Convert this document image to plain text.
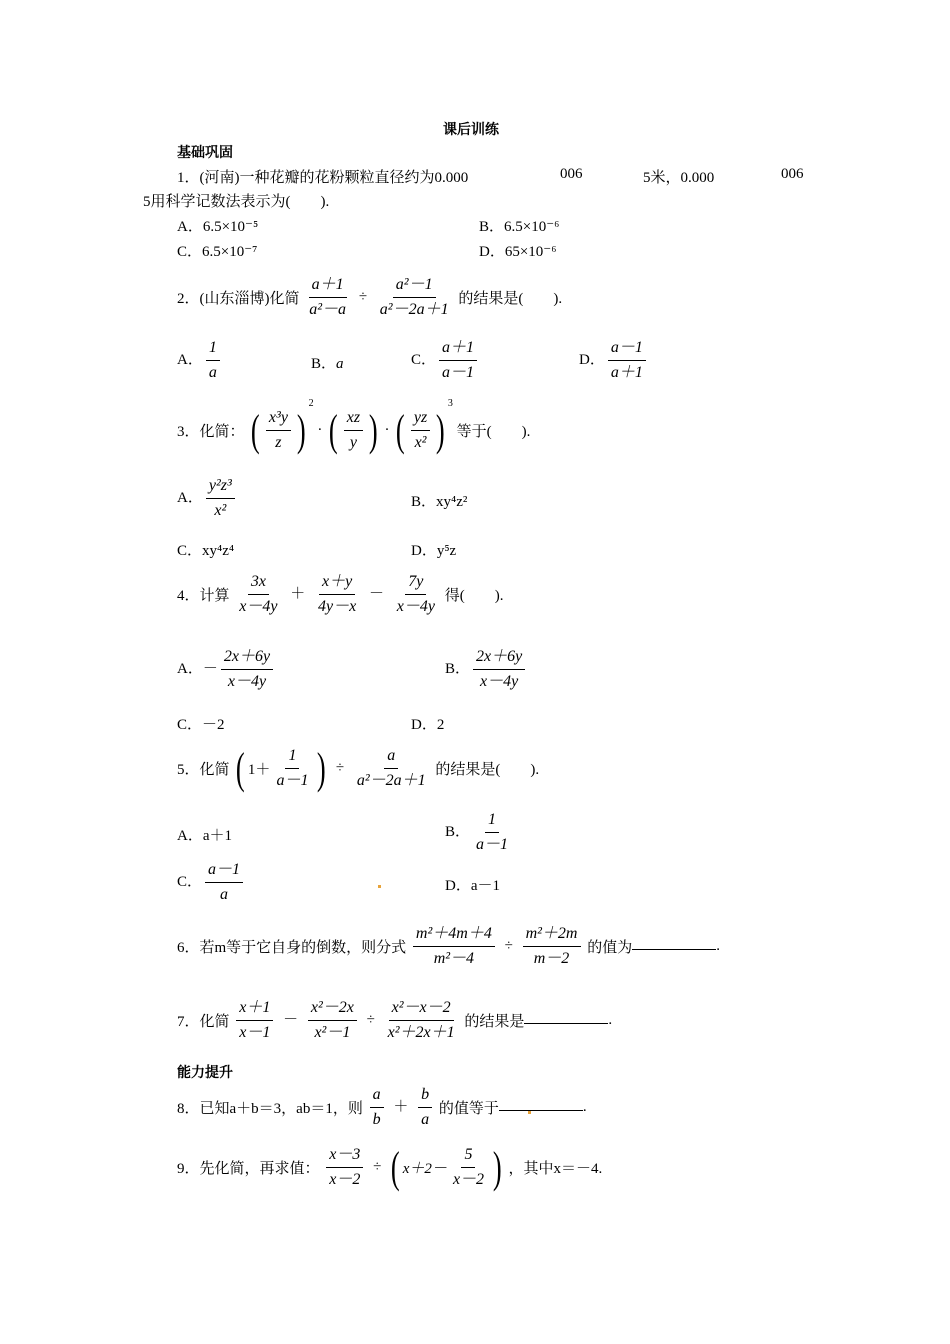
课后训练
基础巩固
1．(河南)一种花瓣的花粉颗粒直径约为0.000	006	5米，0.000	006
5用科学记数法表示为(　　).
A．6.5×10⁻⁵	B．6.5×10⁻⁶
C．6.5×10⁻⁷	D．65×10⁻⁶
2．(山东淄博)化简 $\frac{a+1}{\text{a²－a}} \div \frac{\text{a²－1}}{\text{a²－2a＋1}}$ 的结果是(　　).
A． $\frac{1}{a}$	B．a	C． $\frac{a+1}{a-1}$	D． $\frac{a-1}{a+1}$
3．化简： ( $\frac{\text{x³y}}{z} )^2$ · ( $\frac{xz}{y}$ ) · ( $\frac{yz}{\text{x²}} )^3$ 等于(　　).
A． $\frac{\text{y²z³}}{\text{x²}}$	B．xy⁴z²
C．xy⁴z⁴	D．y⁵z
4．计算 $\frac{3x}{x-4y} + \frac{x+y}{4y-x} - \frac{7y}{x-4y}$ 得(　　).
A．－ $\frac{2x+6y}{x-4y}$	B． $\frac{2x+6y}{x-4y}$
C．－2	D．2
5．化简 ( $1+ \frac{1}{a-1}$ ) ÷ $\frac{a}{\text{a²－2a＋1}}$ 的结果是(　　).
A．a＋1	B． $\frac{1}{a-1}$
C． $\frac{a-1}{a}$	D．a－1
6．若m等于它自身的倒数，则分式 $\frac{\text{m²＋4m＋4}}{\text{m²－4}} \div \frac{\text{m²＋2m}}{m-2}$ 的值为	.
7．化简 $\frac{x+1}{x-1} - \frac{\text{x²－2x}}{\text{x²－1}} \div \frac{\text{x²－x－2}}{\text{x²＋2x＋1}}$ 的结果是	.
能力提升
8．已知a＋b＝3，ab＝1，则 $\frac{a}{b} + \frac{b}{a}$ 的值等于	.
9．先化简，再求值： $\frac{x-3}{x-2}$ ÷ ( $x+2- \frac{5}{x-2}$ ) ，其中x＝－4.
